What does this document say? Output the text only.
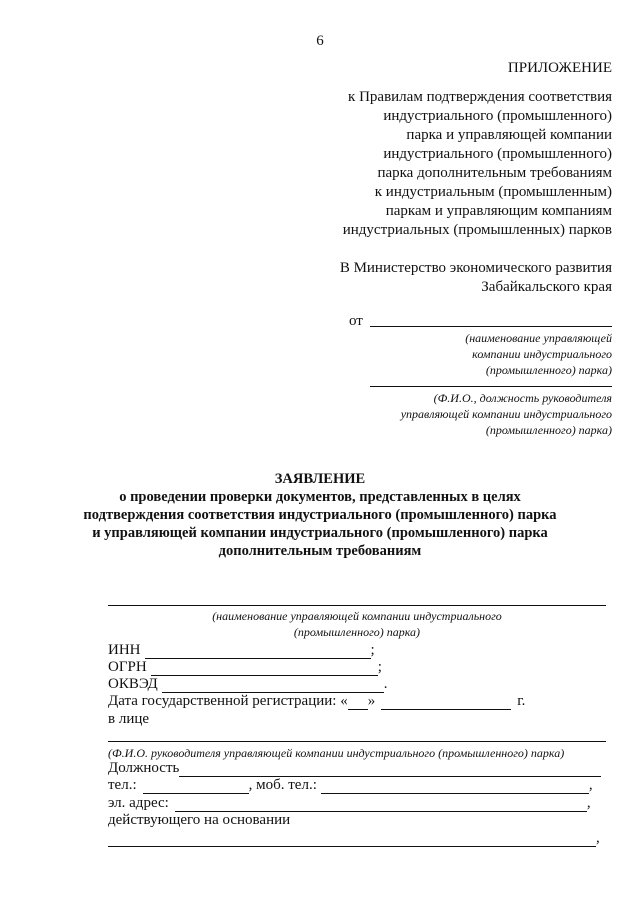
6
ПРИЛОЖЕНИЕ
к Правилам подтверждения соответствия
индустриального (промышленного)
парка и управляющей компании
индустриального (промышленного)
парка дополнительным требованиям
к индустриальным (промышленным)
паркам и управляющим компаниям
индустриальных (промышленных) парков
В Министерство экономического развития
Забайкальского края
от
(наименование управляющей
компании индустриального
(промышленного) парка)
(Ф.И.О., должность руководителя
управляющей компании индустриального
(промышленного) парка)
ЗАЯВЛЕНИЕ
о проведении проверки документов, представленных в целях
подтверждения соответствия индустриального (промышленного) парка
и управляющей компании индустриального (промышленного) парка
дополнительным требованиям
(наименование управляющей компании индустриального
(промышленного) парка)
ИНН	;
ОГРН	;
ОКВЭД	.
Дата государственной регистрации: « »	г.
в лице
(Ф.И.О. руководителя управляющей компании индустриального (промышленного) парка)
Должность
тел.:	, моб. тел.:	,
эл. адрес:	,
действующего на основании
,
